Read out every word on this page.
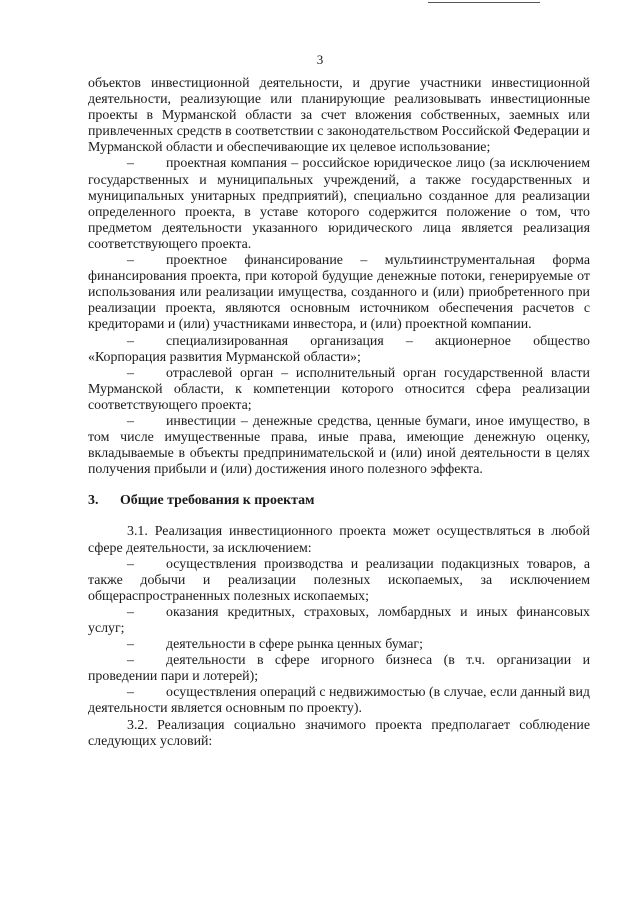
3

объектов инвестиционной деятельности, и другие участники инвестиционной деятельности, реализующие или планирующие реализовывать инвестиционные проекты в Мурманской области за счет вложения собственных, заемных или привлеченных средств в соответствии с законодательством Российской Федерации и Мурманской области и обеспечивающие их целевое использование;

–	проектная компания – российское юридическое лицо (за исключением государственных и муниципальных учреждений, а также государственных и муниципальных унитарных предприятий), специально созданное для реализации определенного проекта, в уставе которого содержится положение о том, что предметом деятельности указанного юридического лица является реализация соответствующего проекта.
–	проектное финансирование – мультиинструментальная форма финансирования проекта, при которой будущие денежные потоки, генерируемые от использования или реализации имущества, созданного и (или) приобретенного при реализации проекта, являются основным источником обеспечения расчетов с кредиторами и (или) участниками инвестора, и (или) проектной компании.
–	специализированная организация – акционерное общество «Корпорация развития Мурманской области»;
–	отраслевой орган – исполнительный орган государственной власти Мурманской области, к компетенции которого относится сфера реализации соответствующего проекта;
–	инвестиции – денежные средства, ценные бумаги, иное имущество, в том числе имущественные права, иные права, имеющие денежную оценку, вкладываемые в объекты предпринимательской и (или) иной деятельности в целях получения прибыли и (или) достижения иного полезного эффекта.

3. Общие требования к проектам

3.1. Реализация инвестиционного проекта может осуществляться в любой сфере деятельности, за исключением:

–	осуществления производства и реализации подакцизных товаров, а также добычи и реализации полезных ископаемых, за исключением общераспространенных полезных ископаемых;
–	оказания кредитных, страховых, ломбардных и иных финансовых услуг;
–	деятельности в сфере рынка ценных бумаг;
–	деятельности в сфере игорного бизнеса (в т.ч. организации и проведении пари и лотерей);
–	осуществления операций с недвижимостью (в случае, если данный вид деятельности является основным по проекту).

3.2. Реализация социально значимого проекта предполагает соблюдение следующих условий:
